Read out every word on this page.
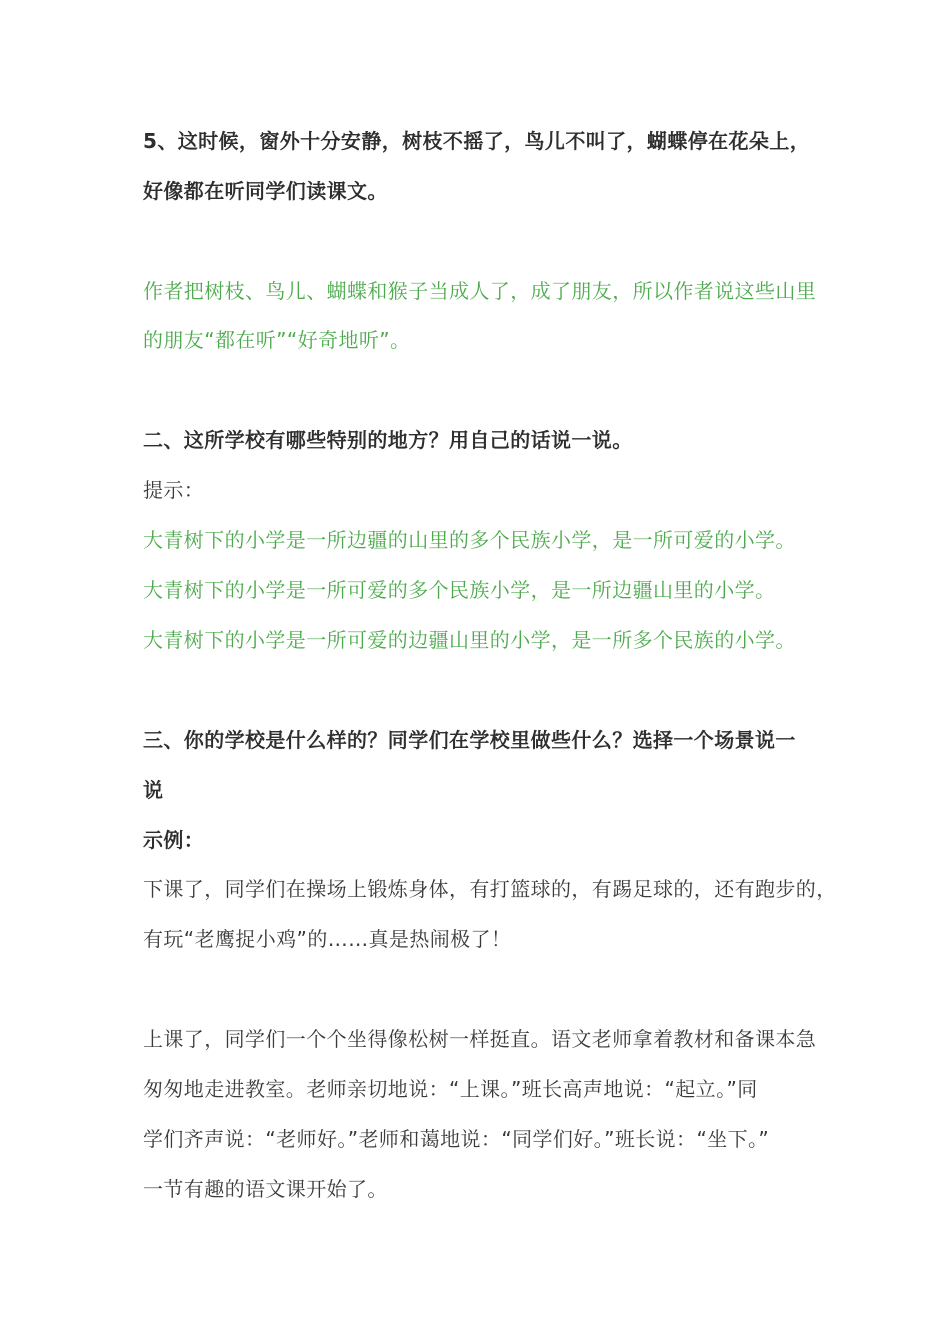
5、这时候，窗外十分安静，树枝不摇了，鸟儿不叫了，蝴蝶停在花朵上，
好像都在听同学们读课文。
作者把树枝、鸟儿、蝴蝶和猴子当成人了，成了朋友，所以作者说这些山里
的朋友“都在听”“好奇地听”。
二、这所学校有哪些特别的地方？用自己的话说一说。
提示：
大青树下的小学是一所边疆的山里的多个民族小学，是一所可爱的小学。
大青树下的小学是一所可爱的多个民族小学，是一所边疆山里的小学。
大青树下的小学是一所可爱的边疆山里的小学，是一所多个民族的小学。
三、你的学校是什么样的？同学们在学校里做些什么？选择一个场景说一
说
示例：
下课了，同学们在操场上锻炼身体，有打篮球的，有踢足球的，还有跑步的，
有玩“老鹰捉小鸡”的……真是热闹极了！
上课了，同学们一个个坐得像松树一样挺直。语文老师拿着教材和备课本急
匆匆地走进教室。老师亲切地说：“上课。”班长高声地说：“起立。”同
学们齐声说：“老师好。”老师和蔼地说：“同学们好。”班长说：“坐下。”
一节有趣的语文课开始了。
